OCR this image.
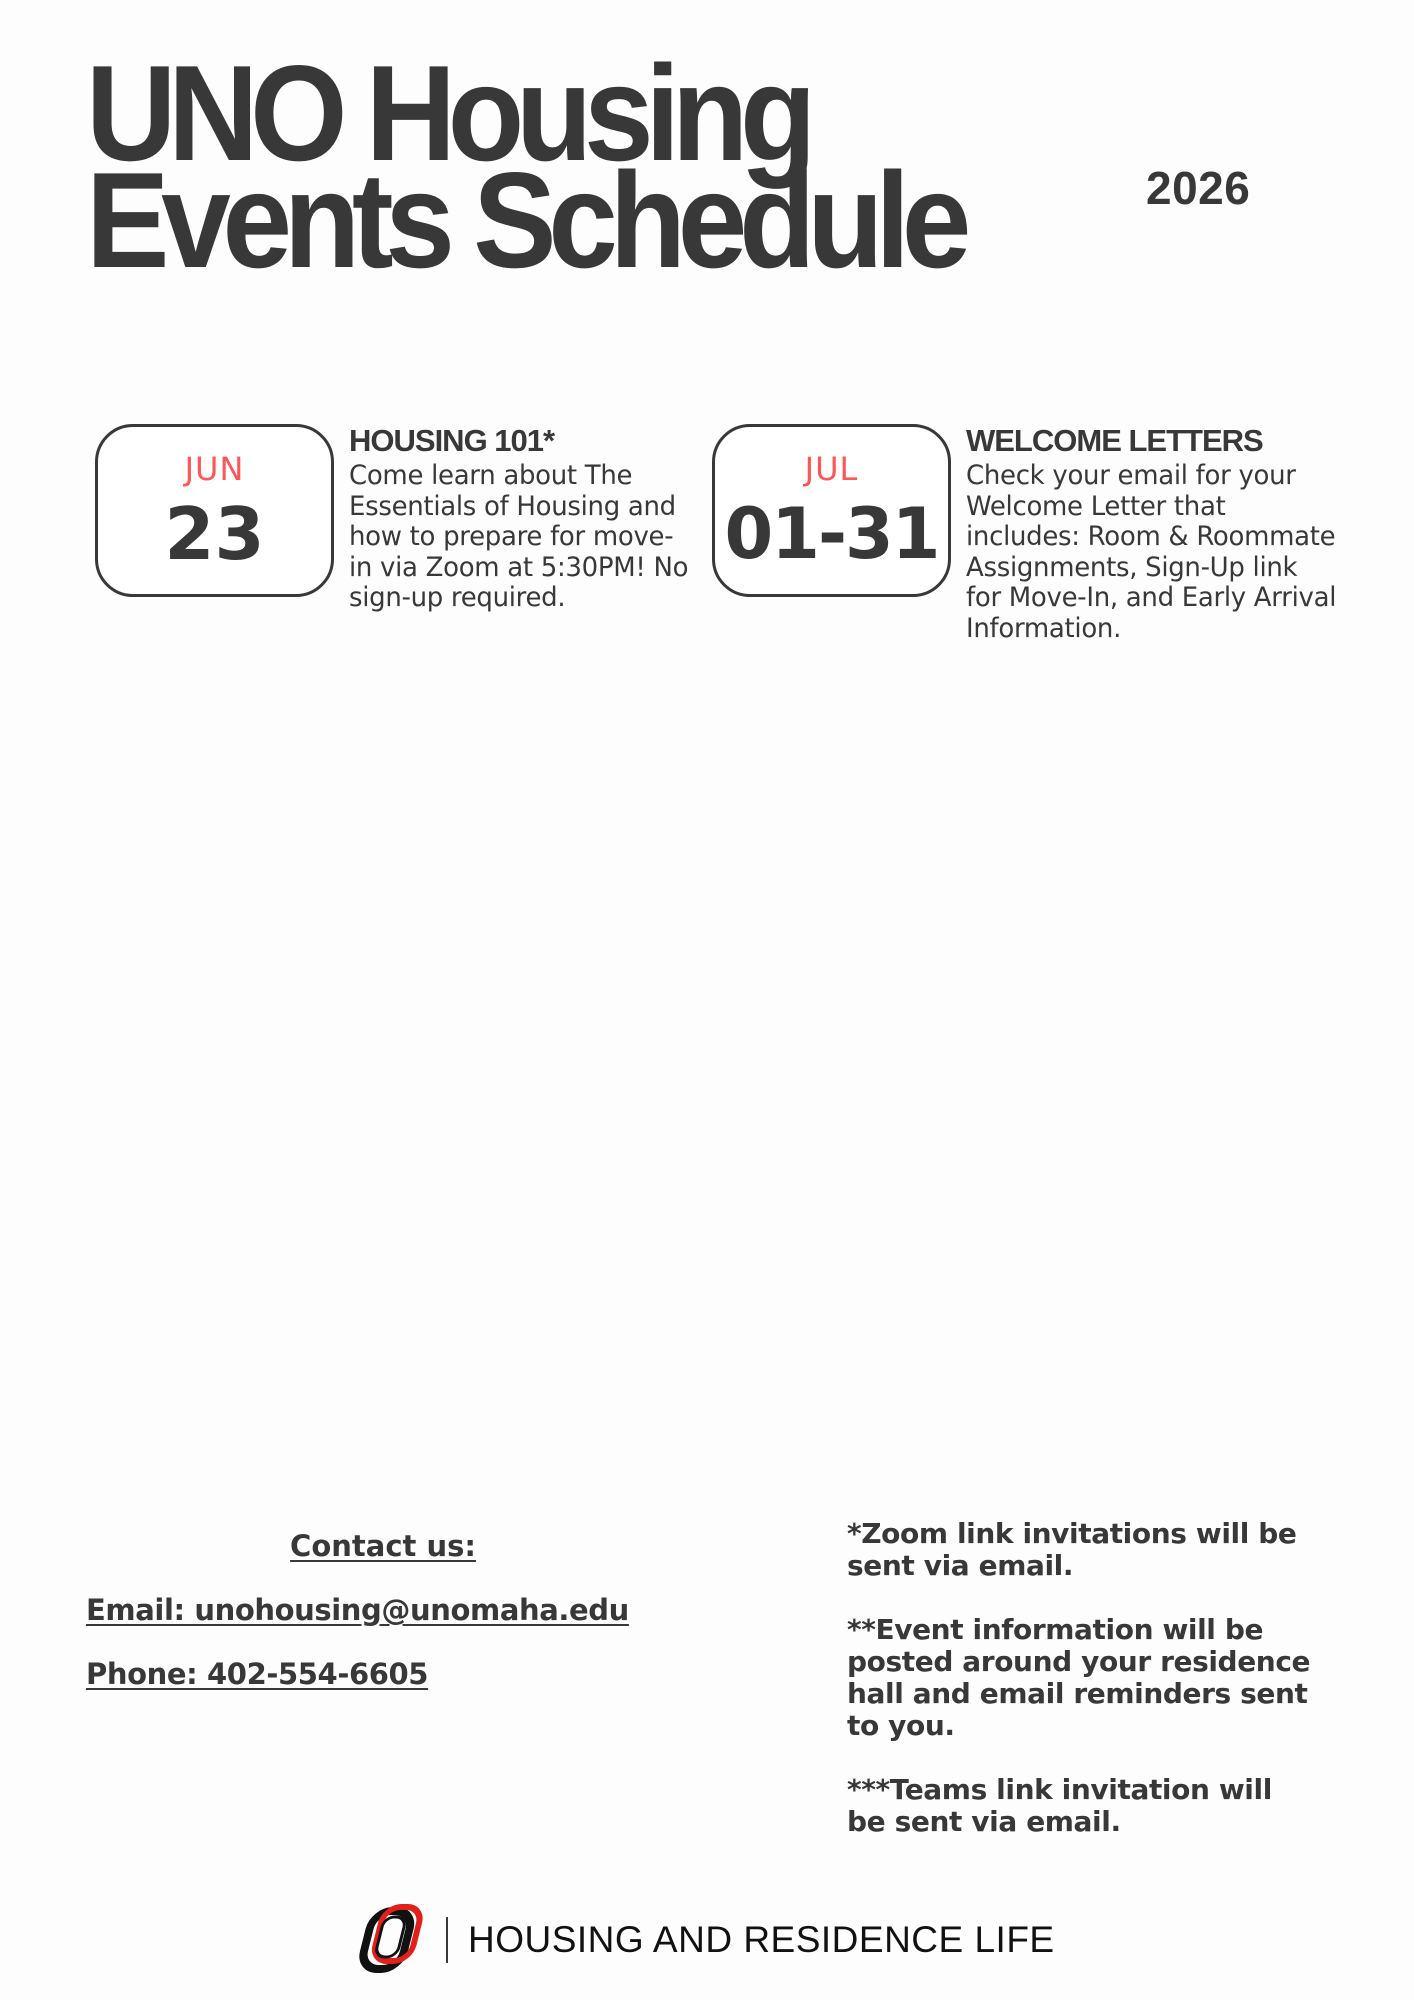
UNO Housing
Events Schedule	2026
JUN
23
HOUSING 101*

Come learn about The Essentials of Housing and how to prepare for move-in via Zoom at 5:30PM! No sign-up required.

JUL
01-31
WELCOME LETTERS

Check your email for your Welcome Letter that includes: Room & Roommate Assignments, Sign-Up link for Move-In, and Early Arrival Information.

Contact us:
Email: unohousing@unomaha.edu
Phone: 402-554-6605

*Zoom link invitations will be sent via email.

**Event information will be posted around your residence hall and email reminders sent to you.

***Teams link invitation will be sent via email.

HOUSING AND RESIDENCE LIFE
